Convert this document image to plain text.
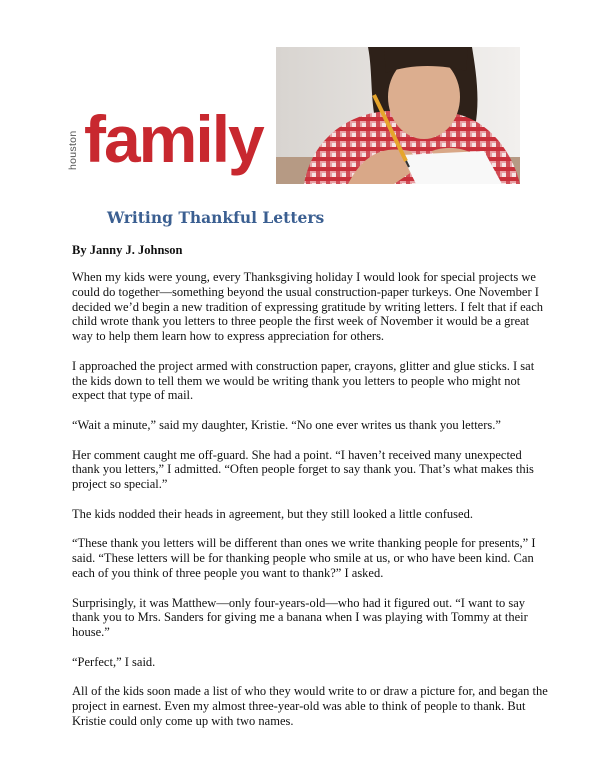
houston family
Writing Thankful Letters
By Janny J. Johnson

When my kids were young, every Thanksgiving holiday I would look for special projects we could do together—something beyond the usual construction-paper turkeys. One November I decided we’d begin a new tradition of expressing gratitude by writing letters. I felt that if each child wrote thank you letters to three people the first week of November it would be a great way to help them learn how to express appreciation for others.

I approached the project armed with construction paper, crayons, glitter and glue sticks. I sat the kids down to tell them we would be writing thank you letters to people who might not expect that type of mail.

“Wait a minute,” said my daughter, Kristie. “No one ever writes us thank you letters.”

Her comment caught me off-guard. She had a point. “I haven’t received many unexpected thank you letters,” I admitted. “Often people forget to say thank you. That’s what makes this project so special.”

The kids nodded their heads in agreement, but they still looked a little confused.

“These thank you letters will be different than ones we write thanking people for presents,” I said. “These letters will be for thanking people who smile at us, or who have been kind. Can each of you think of three people you want to thank?” I asked.

Surprisingly, it was Matthew—only four-years-old—who had it figured out. “I want to say thank you to Mrs. Sanders for giving me a banana when I was playing with Tommy at their house.”

“Perfect,” I said.

All of the kids soon made a list of who they would write to or draw a picture for, and began the project in earnest. Even my almost three-year-old was able to think of people to thank. But Kristie could only come up with two names.
